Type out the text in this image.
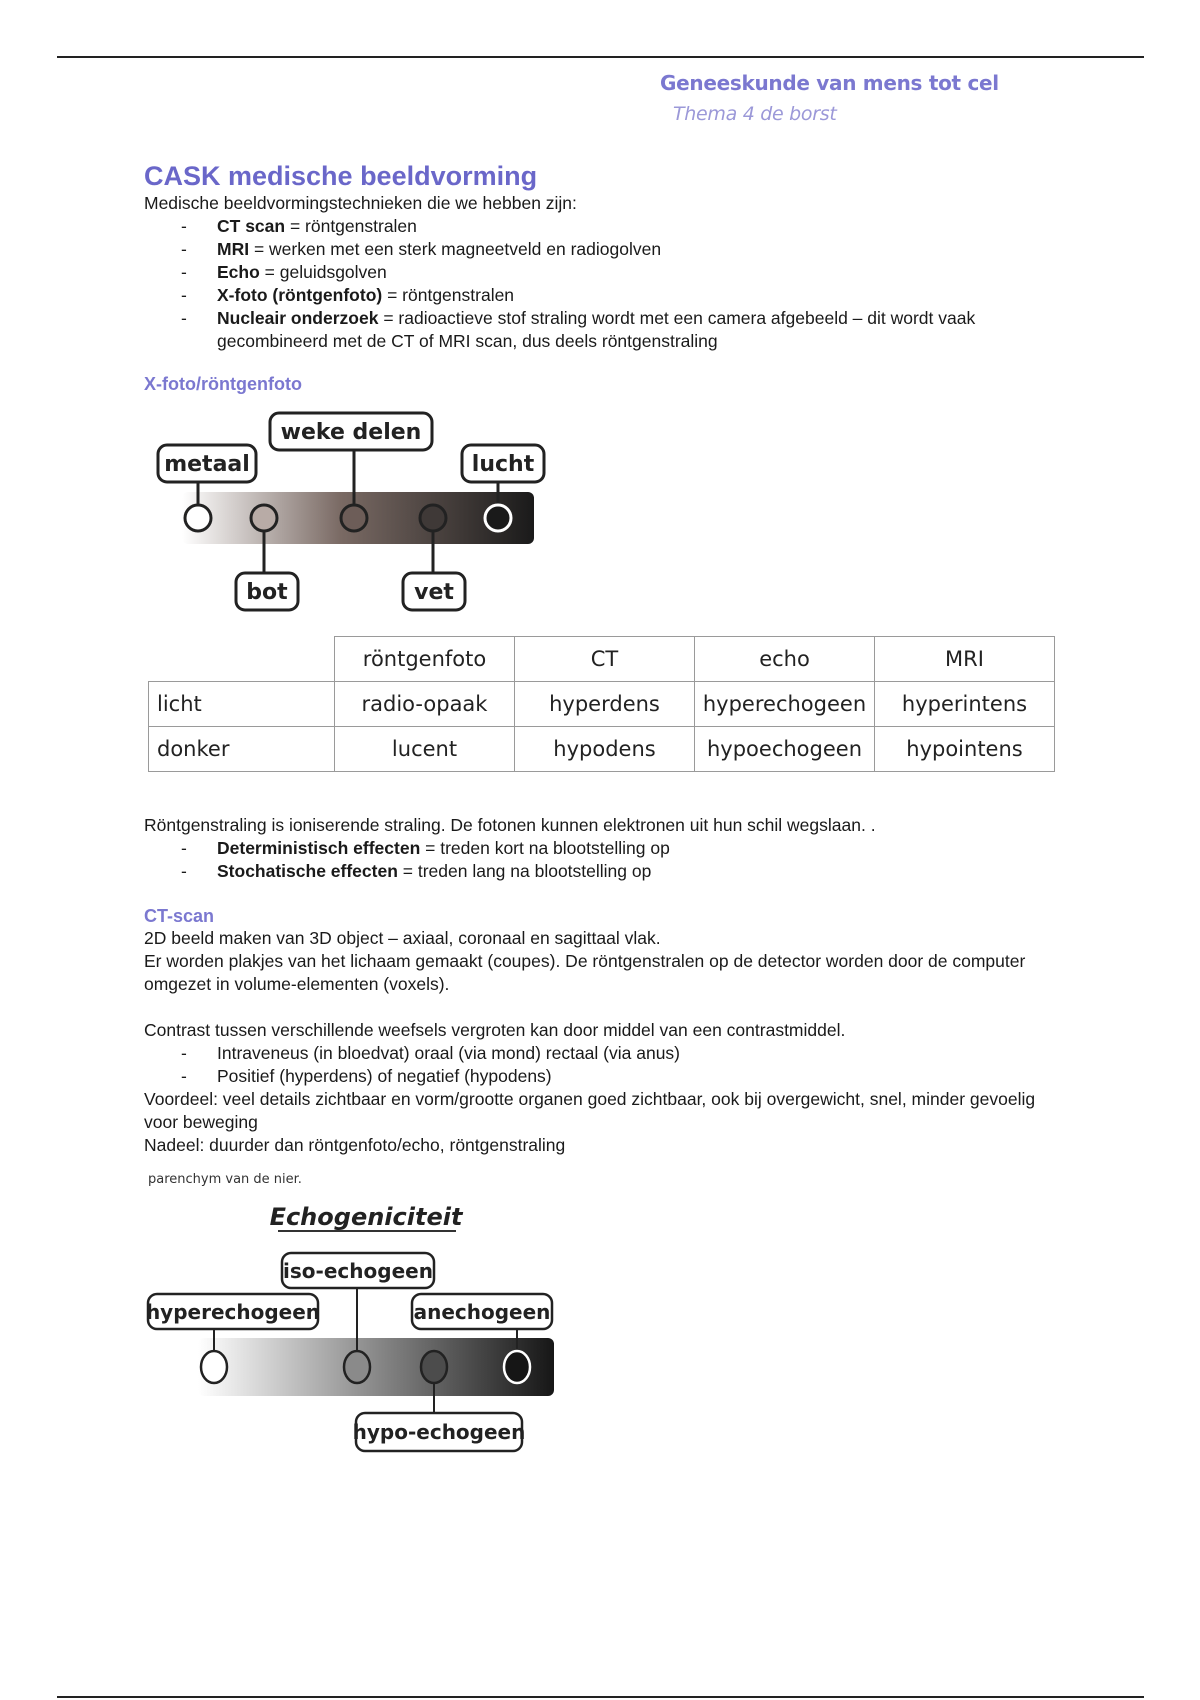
Geneeskunde van mens tot cel
Thema 4 de borst
CASK medische beeldvorming

Medische beeldvormingstechnieken die we hebben zijn:

- CT scan = röntgenstralen
- MRI = werken met een sterk magneetveld en radiogolven
- Echo = geluidsgolven
- X-foto (röntgenfoto) = röntgenstralen
- Nucleair onderzoek = radioactieve stof straling wordt met een camera afgebeeld – dit wordt vaak gecombineerd met de CT of MRI scan, dus deels röntgenstraling
X-foto/röntgenfoto
metaal
weke delen
lucht
bot	vet
	röntgenfoto	CT	echo	MRI
licht	radio-opaak	hyperdens	hyperechogeen	hyperintens
donker	lucent	hypodens	hypoechogeen	hypointens

Röntgenstraling is ioniserende straling. De fotonen kunnen elektronen uit hun schil wegslaan. .

- Deterministisch effecten = treden kort na blootstelling op
- Stochatische effecten = treden lang na blootstelling op
CT-scan

2D beeld maken van 3D object – axiaal, coronaal en sagittaal vlak.

Er worden plakjes van het lichaam gemaakt (coupes). De röntgenstralen op de detector worden door de computer omgezet in volume-elementen (voxels).

Contrast tussen verschillende weefsels vergroten kan door middel van een contrastmiddel.

- Intraveneus (in bloedvat) oraal (via mond) rectaal (via anus)
- Positief (hyperdens) of negatief (hypodens)

Voordeel: veel details zichtbaar en vorm/grootte organen goed zichtbaar, ook bij overgewicht, snel, minder gevoelig voor beweging

Nadeel: duurder dan röntgenfoto/echo, röntgenstraling

parenchym van de nier.
Echogeniciteit
iso-echogeen
hyperechogeen	anechogeen
hypo-echogeen
